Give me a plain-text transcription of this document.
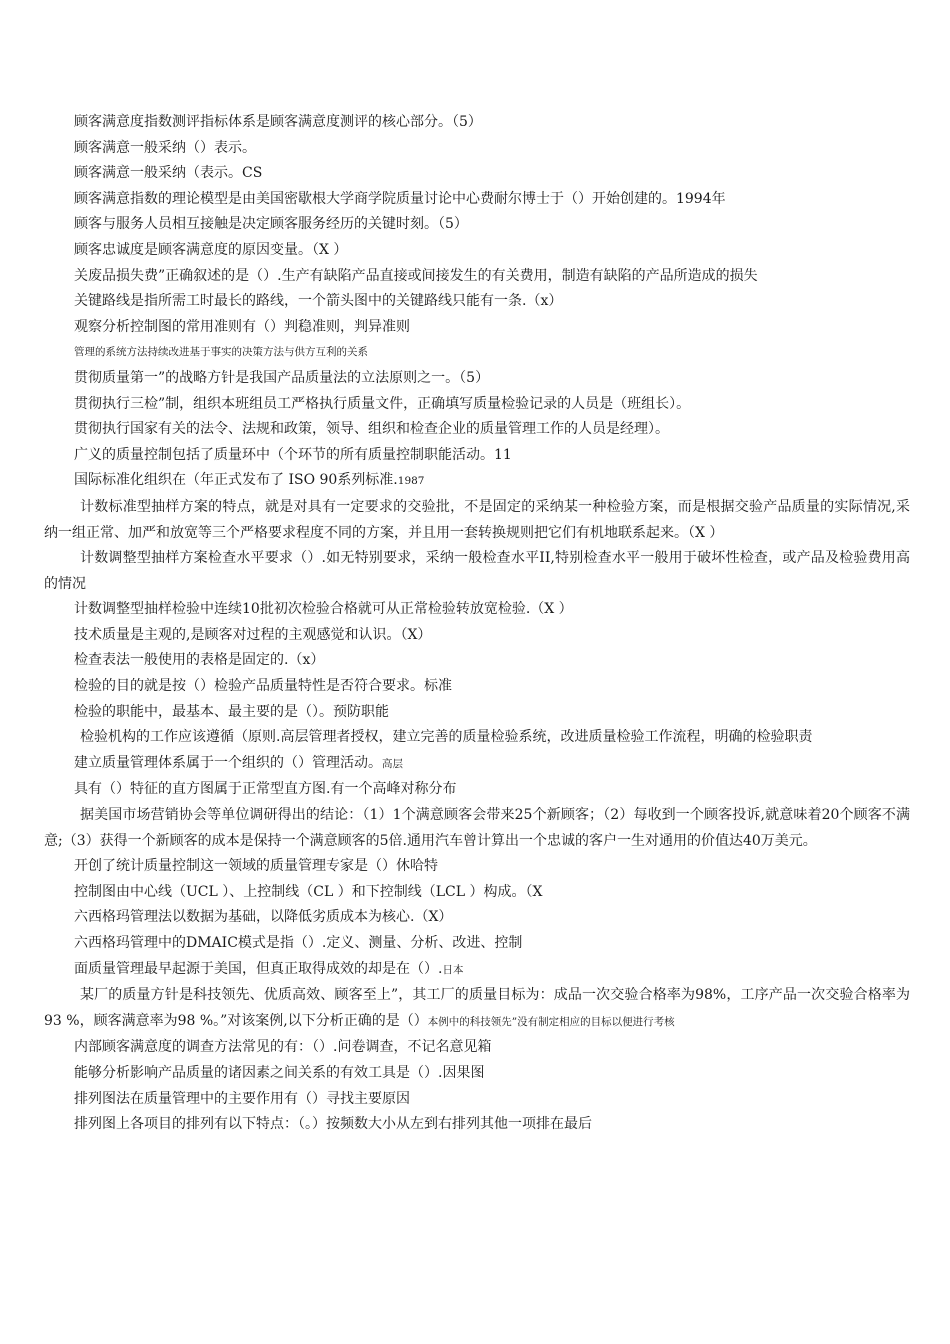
顾客满意度指数测评指标体系是顾客满意度测评的核心部分。（5）

顾客满意一般采纳（）表示。

顾客满意一般采纳（表示。CS

顾客满意指数的理论模型是由美国密歇根大学商学院质量讨论中心费耐尔博士于（）开始创建的。1994年

顾客与服务人员相互接触是决定顾客服务经历的关键时刻。（5）

顾客忠诚度是顾客满意度的原因变量。（X ）

关废品损失费”正确叙述的是（）.生产有缺陷产品直接或间接发生的有关费用，制造有缺陷的产品所造成的损失

关键路线是指所需工时最长的路线，一个箭头图中的关键路线只能有一条.（x）

观察分析控制图的常用准则有（）判稳准则，判异准则

管理的系统方法持续改进基于事实的决策方法与供方互利的关系

贯彻质量第一”的战略方针是我国产品质量法的立法原则之一。（5）

贯彻执行三检”制，组织本班组员工严格执行质量文件，正确填写质量检验记录的人员是（班组长）。

贯彻执行国家有关的法令、法规和政策，领导、组织和检查企业的质量管理工作的人员是经理）。

广义的质量控制包括了质量环中（个环节的所有质量控制职能活动。11

国际标准化组织在（年正式发布了 ISO 90系列标准.1987

计数标准型抽样方案的特点，就是对具有一定要求的交验批，不是固定的采纳某一种检验方案，而是根据交验产品质量的实际情况,采纳一组正常、加严和放宽等三个严格要求程度不同的方案，并且用一套转换规则把它们有机地联系起来。（X ）

计数调整型抽样方案检查水平要求（）.如无特别要求，采纳一般检查水平II,特别检查水平一般用于破坏性检查，或产品及检验费用高的情况

计数调整型抽样检验中连续10批初次检验合格就可从正常检验转放宽检验.（X ）

技术质量是主观的,是顾客对过程的主观感觉和认识。（X）

检查表法一般使用的表格是固定的.（x）

检验的目的就是按（）检验产品质量特性是否符合要求。标准

检验的职能中，最基本、最主要的是（）。预防职能

检验机构的工作应该遵循（原则.高层管理者授权，建立完善的质量检验系统，改进质量检验工作流程，明确的检验职责

建立质量管理体系属于一个组织的（）管理活动。高层

具有（）特征的直方图属于正常型直方图.有一个高峰对称分布

据美国市场营销协会等单位调研得出的结论：（1）1个满意顾客会带来25个新顾客；（2）每收到一个顾客投诉,就意味着20个顾客不满意;（3）获得一个新顾客的成本是保持一个满意顾客的5倍.通用汽车曾计算出一个忠诚的客户一生对通用的价值达40万美元。

开创了统计质量控制这一领域的质量管理专家是（）休哈特

控制图由中心线（UCL ）、上控制线（CL ）和下控制线（LCL ）构成。（X

六西格玛管理法以数据为基础，以降低劣质成本为核心.（X）

六西格玛管理中的DMAIC模式是指（）.定义、测量、分析、改进、控制

面质量管理最早起源于美国，但真正取得成效的却是在（）.日本

某厂的质量方针是科技领先、优质高效、顾客至上”，其工厂的质量目标为：成品一次交验合格率为98%，工序产品一次交验合格率为93 %，顾客满意率为98 %。”对该案例,以下分析正确的是（）本例中的科技领先”没有制定相应的目标以便进行考核

内部顾客满意度的调查方法常见的有：（）.问卷调查，不记名意见箱

能够分析影响产品质量的诸因素之间关系的有效工具是（）.因果图

排列图法在质量管理中的主要作用有（）寻找主要原因

排列图上各项目的排列有以下特点：（。）按频数大小从左到右排列其他一项排在最后
